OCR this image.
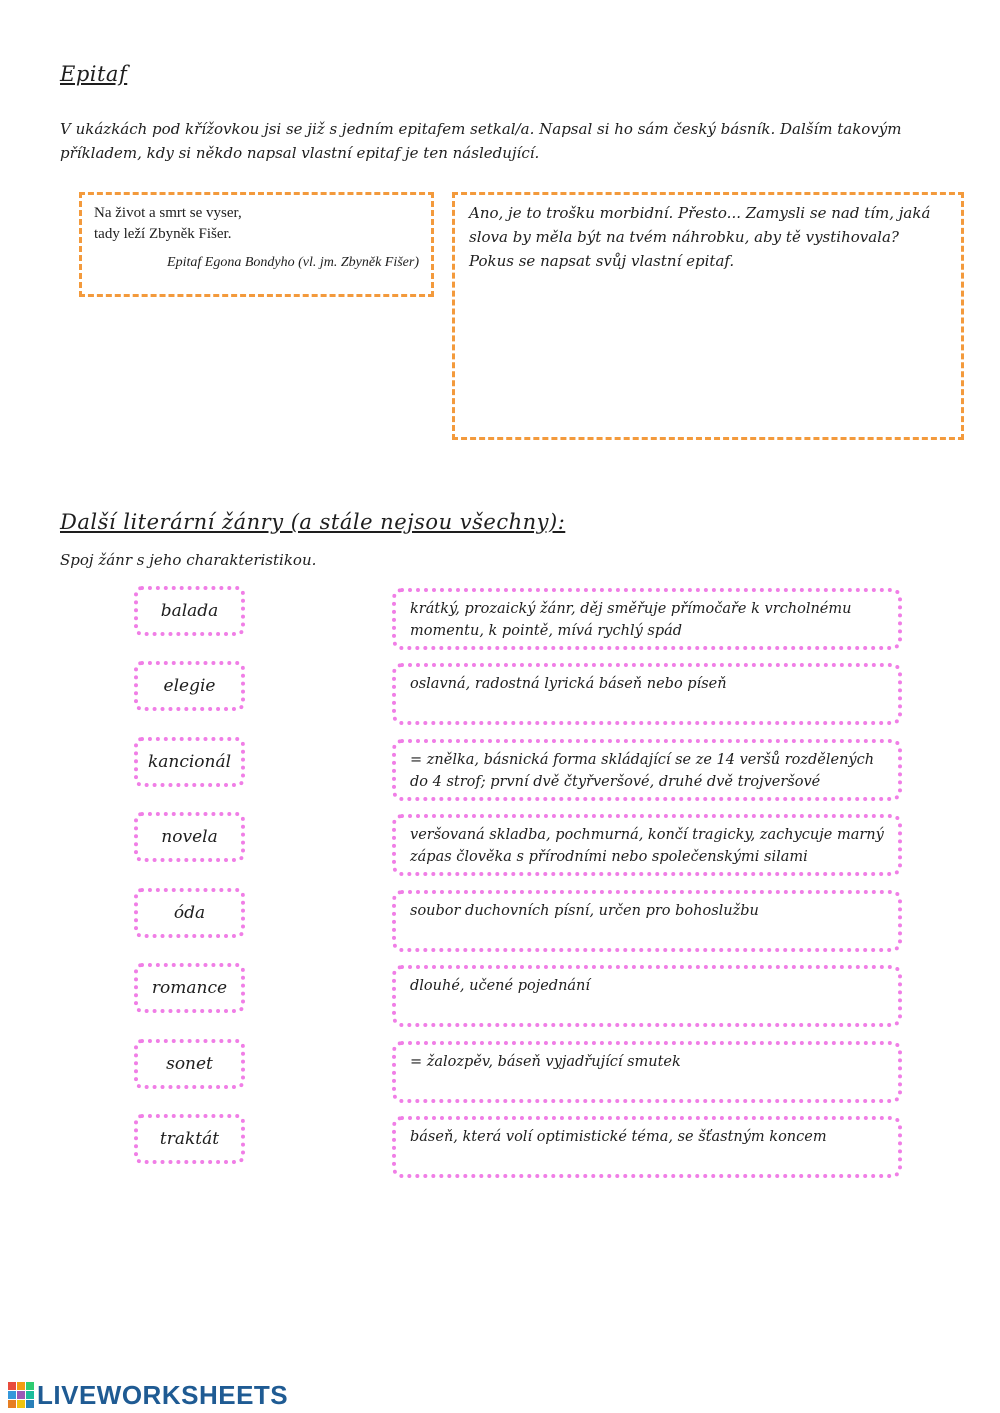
Epitaf
V ukázkách pod křížovkou jsi se již s jedním epitafem setkal/a. Napsal si ho sám český básník. Dalším takovým příkladem, kdy si někdo napsal vlastní epitaf je ten následující.
Na život a smrt se vyser,
tady leží Zbyněk Fišer.
Epitaf Egona Bondyho (vl. jm. Zbyněk Fišer)
Ano, je to trošku morbidní. Přesto... Zamysli se nad tím, jaká slova by měla být na tvém náhrobku, aby tě vystihovala? Pokus se napsat svůj vlastní epitaf.
Další literární žánry (a stále nejsou všechny):
Spoj žánr s jeho charakteristikou.
balada
elegie
kancionál
novela
óda
romance
sonet
traktát
krátký, prozaický žánr, děj směřuje přímočaře k vrcholnému momentu, k pointě, mívá rychlý spád
oslavná, radostná lyrická báseň nebo píseň
= znělka, básnická forma skládající se ze 14 veršů rozdělených do 4 strof; první dvě čtyřveršové, druhé dvě trojveršové
veršovaná skladba, pochmurná, končí tragicky, zachycuje marný zápas člověka s přírodními nebo společenskými silami
soubor duchovních písní, určen pro bohoslužbu
dlouhé, učené pojednání
= žalozpěv, báseň vyjadřující smutek
báseň, která volí optimistické téma, se šťastným koncem
LIVEWORKSHEETS
